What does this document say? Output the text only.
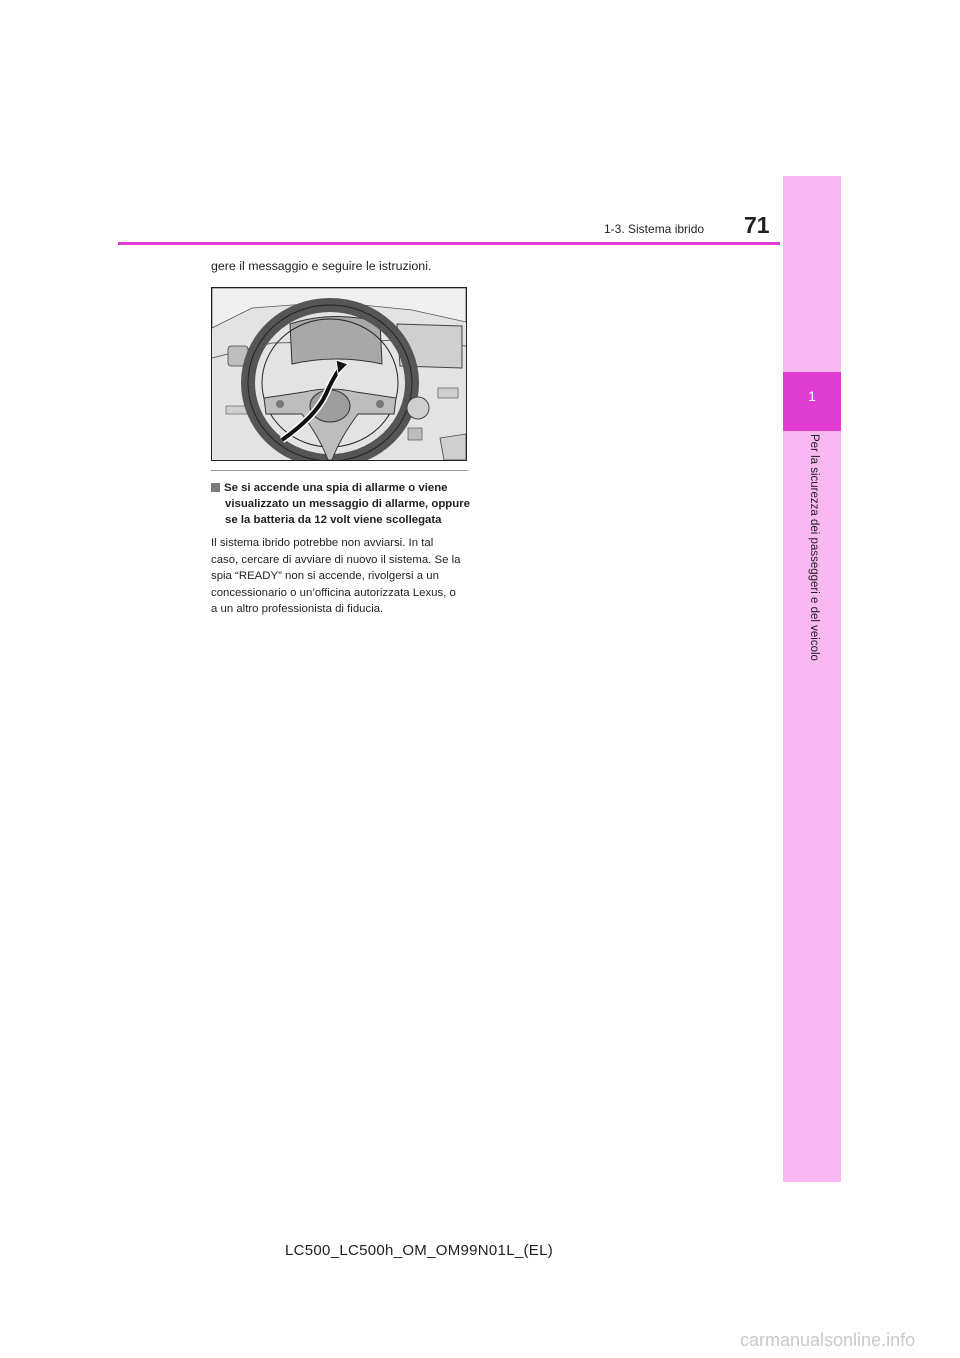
1
Per la sicurezza dei passeggeri e del veicolo
71
1-3. Sistema ibrido
gere il messaggio e seguire le istruzioni.
Se si accende una spia di allarme o viene
visualizzato un messaggio di allarme, oppure
se la batteria da 12 volt viene scollegata
Il sistema ibrido potrebbe non avviarsi. In tal
caso, cercare di avviare di nuovo il sistema. Se la
spia “READY” non si accende, rivolgersi a un
concessionario o un’officina autorizzata Lexus, o
a un altro professionista di fiducia.
LC500_LC500h_OM_OM99N01L_(EL)
carmanualsonline.info
